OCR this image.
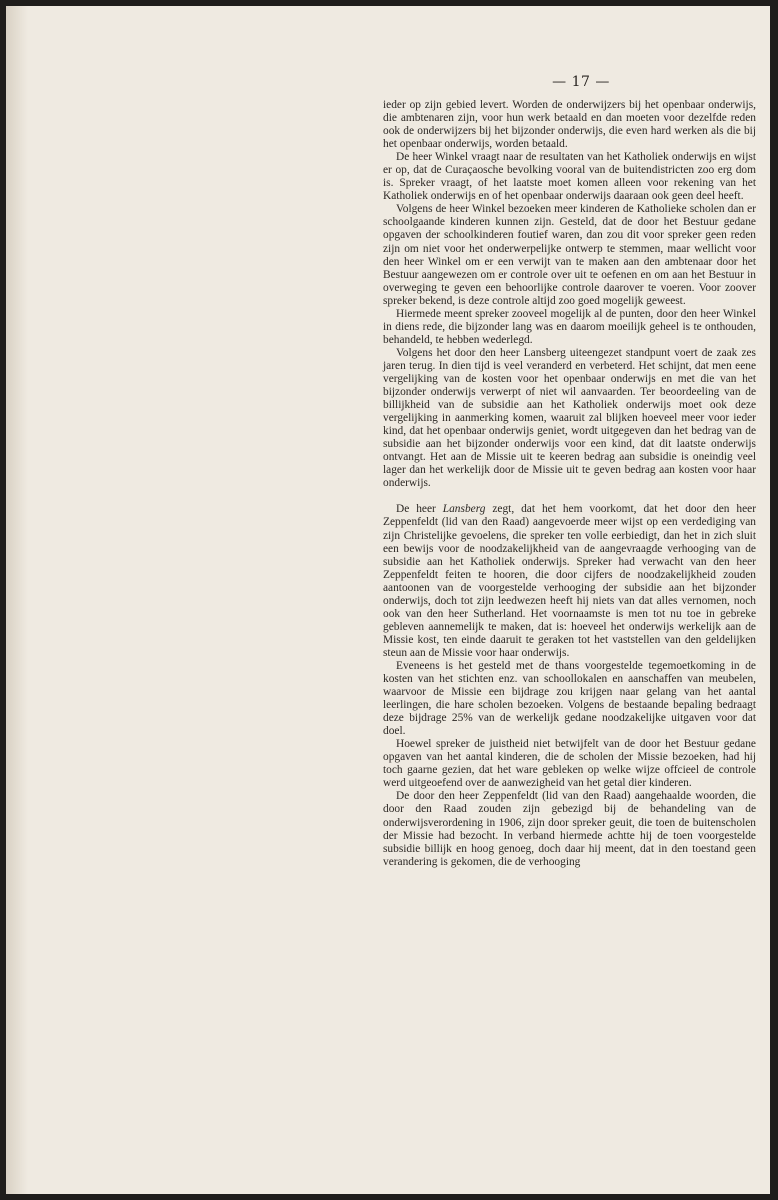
— 17 —

ieder op zijn gebied levert. Worden de onderwijzers bij het openbaar onderwijs, die ambtenaren zijn, voor hun werk betaald en dan moeten voor dezelfde reden ook de onderwijzers bij het bijzonder onderwijs, die even hard werken als die bij het openbaar onderwijs, worden betaald.

De heer Winkel vraagt naar de resultaten van het Katholiek onderwijs en wijst er op, dat de Curaçaosche bevolking vooral van de buitendistricten zoo erg dom is. Spreker vraagt, of het laatste moet komen alleen voor rekening van het Katholiek onderwijs en of het openbaar onderwijs daaraan ook geen deel heeft.

Volgens de heer Winkel bezoeken meer kinderen de Katholieke scholen dan er schoolgaande kinderen kunnen zijn. Gesteld, dat de door het Bestuur gedane opgaven der schoolkinderen foutief waren, dan zou dit voor spreker geen reden zijn om niet voor het onderwerpelijke ontwerp te stemmen, maar wellicht voor den heer Winkel om er een verwijt van te maken aan den ambtenaar door het Bestuur aangewezen om er controle over uit te oefenen en om aan het Bestuur in overweging te geven een behoorlijke controle daarover te voeren. Voor zoover spreker bekend, is deze controle altijd zoo goed mogelijk geweest.

Hiermede meent spreker zooveel mogelijk al de punten, door den heer Winkel in diens rede, die bijzonder lang was en daarom moeilijk geheel is te onthouden, behandeld, te hebben wederlegd.

Volgens het door den heer Lansberg uiteengezet standpunt voert de zaak zes jaren terug. In dien tijd is veel veranderd en verbeterd. Het schijnt, dat men eene vergelijking van de kosten voor het openbaar onderwijs en met die van het bijzonder onderwijs verwerpt of niet wil aanvaarden. Ter beoordeeling van de billijkheid van de subsidie aan het Katholiek onderwijs moet ook deze vergelijking in aanmerking komen, waaruit zal blijken hoeveel meer voor ieder kind, dat het openbaar onderwijs geniet, wordt uitgegeven dan het bedrag van de subsidie aan het bijzonder onderwijs voor een kind, dat dit laatste onderwijs ontvangt. Het aan de Missie uit te keeren bedrag aan subsidie is oneindig veel lager dan het werkelijk door de Missie uit te geven bedrag aan kosten voor haar onderwijs.

De heer Lansberg zegt, dat het hem voorkomt, dat het door den heer Zeppenfeldt (lid van den Raad) aangevoerde meer wijst op een verdediging van zijn Christelijke gevoelens, die spreker ten volle eerbiedigt, dan het in zich sluit een bewijs voor de noodzakelijkheid van de aangevraagde verhooging van de subsidie aan het Katholiek onderwijs. Spreker had verwacht van den heer Zeppenfeldt feiten te hooren, die door cijfers de noodzakelijkheid zouden aantoonen van de voorgestelde verhooging der subsidie aan het bijzonder onderwijs, doch tot zijn leedwezen heeft hij niets van dat alles vernomen, noch ook van den heer Sutherland. Het voornaamste is men tot nu toe in gebreke gebleven aannemelijk te maken, dat is: hoeveel het onderwijs werkelijk aan de Missie kost, ten einde daaruit te geraken tot het vaststellen van den geldelijken steun aan de Missie voor haar onderwijs.

Eveneens is het gesteld met de thans voorgestelde tegemoetkoming in de kosten van het stichten enz. van schoollokalen en aanschaffen van meubelen, waarvoor de Missie een bijdrage zou krijgen naar gelang van het aantal leerlingen, die hare scholen bezoeken. Volgens de bestaande bepaling bedraagt deze bijdrage 25% van de werkelijk gedane noodzakelijke uitgaven voor dat doel.

Hoewel spreker de juistheid niet betwijfelt van de door het Bestuur gedane opgaven van het aantal kinderen, die de scholen der Missie bezoeken, had hij toch gaarne gezien, dat het ware gebleken op welke wijze offcieel de controle werd uitgeoefend over de aanwezigheid van het getal dier kinderen.

De door den heer Zeppenfeldt (lid van den Raad) aangehaalde woorden, die door den Raad zouden zijn gebezigd bij de behandeling van de onderwijsverordening in 1906, zijn door spreker geuit, die toen de buitenscholen der Missie had bezocht. In verband hiermede achtte hij de toen voorgestelde subsidie billijk en hoog genoeg, doch daar hij meent, dat in den toestand geen verandering is gekomen, die de verhooging
